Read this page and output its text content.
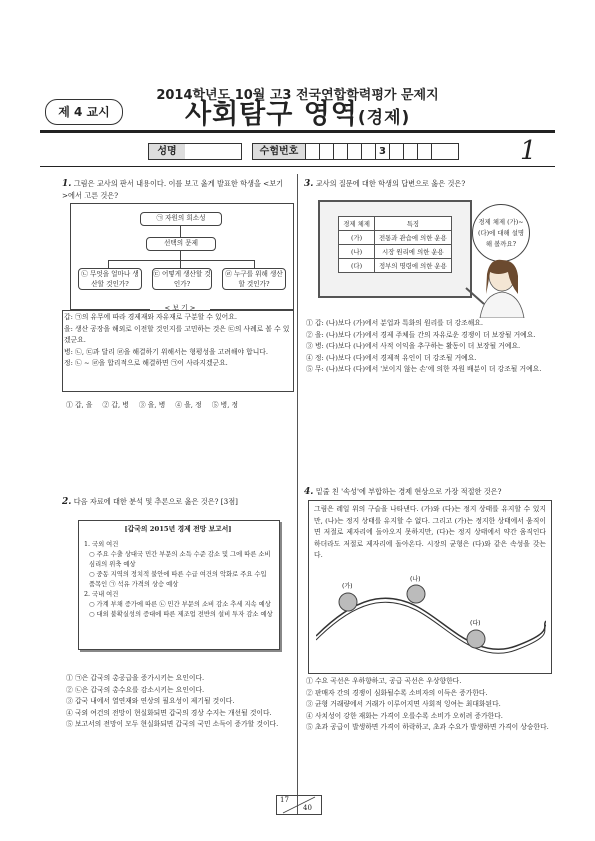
2014학년도 10월 고3 전국연합학력평가 문제지
제 4 교시	사회탐구 영역(경제)
성명	수험번호	3	1
1. 그림은 교사의 판서 내용이다. 이를 보고 옳게 발표한 학생을 <보기>에서 고른 것은?
㉠ 자원의 희소성
선택의 문제
㉡ 무엇을 얼마나 생산할 것인가?
㉢ 어떻게 생산할 것인가?
㉣ 누구를 위해 생산할 것인가?
< 보 기 >
갑: ㉠의 유무에 따라 경제재와 자유재로 구분할 수 있어요.
을: 생산 공장을 해외로 이전할 것인지를 고민하는 것은 ㉢의 사례로 볼 수 있겠군요.
병: ㉡, ㉢과 달리 ㉣을 해결하기 위해서는 형평성을 고려해야 합니다.
정: ㉡ ~ ㉣을 합리적으로 해결하면 ㉠이 사라지겠군요.
① 갑, 을 ② 갑, 병 ③ 을, 병 ④ 을, 정 ⑤ 병, 정
2. 다음 자료에 대한 분석 및 추론으로 옳은 것은? [3점]
[갑국의 2015년 경제 전망 보고서]
1. 국외 여건
○ 주요 수출 상대국 민간 부문의 소득 수준 감소 및 그에 따른 소비 심리의 위축 예상
○ 중동 지역의 정치적 불안에 따른 수급 여건의 악화로 주요 수입 품목인 ㉠ 석유 가격의 상승 예상
2. 국내 여건
○ 가계 부채 증가에 따른 ㉡ 민간 부문의 소비 감소 추세 지속 예상
○ 대외 불확실성의 증대에 따른 제조업 전반의 설비 투자 감소 예상
① ㉠은 갑국의 총공급을 증가시키는 요인이다.
② ㉡은 갑국의 총수요를 감소시키는 요인이다.
③ 갑국 내에서 열연재와 연상의 필요성이 제기될 것이다.
④ 국외 여건의 전망이 현실화되면 갑국의 경상 수지는 개선될 것이다.
⑤ 보고서의 전망이 모두 현실화되면 갑국의 국민 소득이 증가할 것이다.
3. 교사의 질문에 대한 학생의 답변으로 옳은 것은?
경제 체제	특징
(가)	전통과 관습에 의한 운용
(나)	시장 원리에 의한 운용
(다)	정부의 명령에 의한 운용
경제 체제 (가)~(다)에 대해 설명해 볼까요?
① 갑: (나)보다 (가)에서 분업과 특화의 원리를 더 강조해요.
② 을: (나)보다 (가)에서 경제 주체들 간의 자유로운 경쟁이 더 보장될 거예요.
③ 병: (다)보다 (나)에서 사적 이익을 추구하는 활동이 더 보장될 거예요.
④ 정: (나)보다 (다)에서 경제적 유인이 더 강조될 거예요.
⑤ 무: (나)보다 (다)에서 '보이지 않는 손'에 의한 자원 배분이 더 강조될 거예요.
4. 밑줄 친 '속성'에 부합하는 경제 현상으로 가장 적절한 것은?
그림은 레일 위의 구슬을 나타낸다. (가)와 (다)는 정지 상태를 유지할 수 있지만, (나)는 정지 상태를 유지할 수 없다. 그리고 (가)는 정지한 상태에서 움직이면 저절로 제자리에 돌아오지 못하지만, (다)는 정지 상태에서 약간 움직인다 하더라도 저절로 제자리에 돌아온다. 시장의 균형은 (다)와 같은 속성을 갖는다.
(가)
(나)
(다)
① 수요 곡선은 우하향하고, 공급 곡선은 우상향한다.
② 판매자 간의 경쟁이 심화될수록 소비자의 이득은 증가한다.
③ 균형 거래량에서 거래가 이루어지면 사회적 잉여는 최대화된다.
④ 사치성이 강한 재화는 가격이 오를수록 소비가 오히려 증가한다.
⑤ 초과 공급이 발생하면 가격이 하락하고, 초과 수요가 발생하면 가격이 상승한다.
17
40
